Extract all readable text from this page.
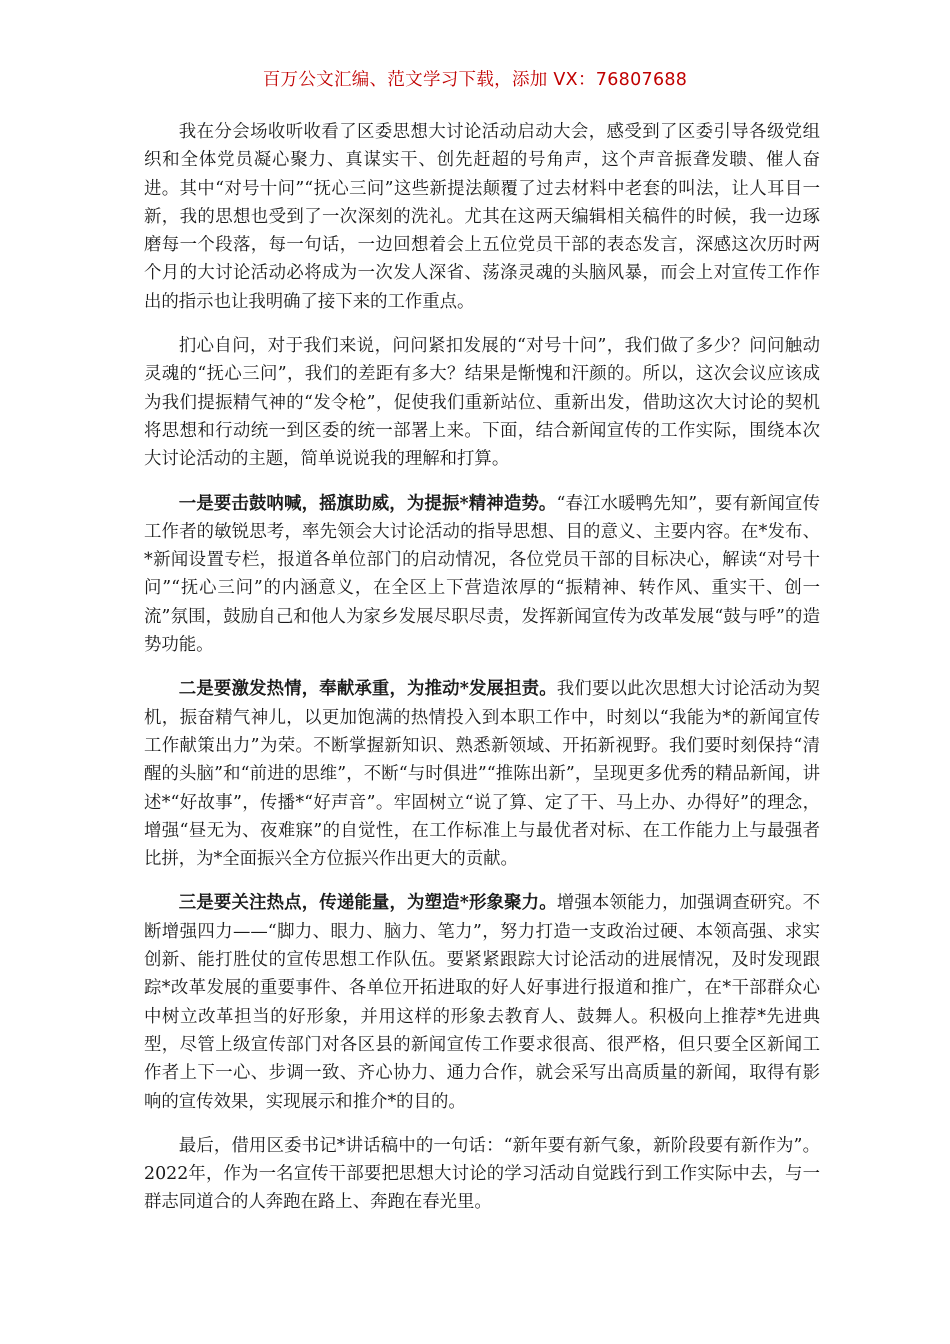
百万公文汇编、范文学习下载，添加 VX：76807688

我在分会场收听收看了区委思想大讨论活动启动大会，感受到了区委引导各级党组织和全体党员凝心聚力、真谋实干、创先赶超的号角声，这个声音振聋发聩、催人奋进。其中“对号十问”“抚心三问”这些新提法颠覆了过去材料中老套的叫法，让人耳目一新，我的思想也受到了一次深刻的洗礼。尤其在这两天编辑相关稿件的时候，我一边琢磨每一个段落，每一句话，一边回想着会上五位党员干部的表态发言，深感这次历时两个月的大讨论活动必将成为一次发人深省、荡涤灵魂的头脑风暴，而会上对宣传工作作出的指示也让我明确了接下来的工作重点。

扪心自问，对于我们来说，问问紧扣发展的“对号十问”，我们做了多少？问问触动灵魂的“抚心三问”，我们的差距有多大？结果是惭愧和汗颜的。所以，这次会议应该成为我们提振精气神的“发令枪”，促使我们重新站位、重新出发，借助这次大讨论的契机将思想和行动统一到区委的统一部署上来。下面，结合新闻宣传的工作实际，围绕本次大讨论活动的主题，简单说说我的理解和打算。

一是要击鼓呐喊，摇旗助威，为提振*精神造势。“春江水暖鸭先知”，要有新闻宣传工作者的敏锐思考，率先领会大讨论活动的指导思想、目的意义、主要内容。在*发布、*新闻设置专栏，报道各单位部门的启动情况，各位党员干部的目标决心，解读“对号十问”“抚心三问”的内涵意义，在全区上下营造浓厚的“振精神、转作风、重实干、创一流”氛围，鼓励自己和他人为家乡发展尽职尽责，发挥新闻宣传为改革发展“鼓与呼”的造势功能。

二是要激发热情，奉献承重，为推动*发展担责。我们要以此次思想大讨论活动为契机，振奋精气神儿，以更加饱满的热情投入到本职工作中，时刻以“我能为*的新闻宣传工作献策出力”为荣。不断掌握新知识、熟悉新领域、开拓新视野。我们要时刻保持“清醒的头脑”和“前进的思维”，不断“与时俱进”“推陈出新”，呈现更多优秀的精品新闻，讲述*“好故事”，传播*“好声音”。牢固树立“说了算、定了干、马上办、办得好”的理念，增强“昼无为、夜难寐”的自觉性，在工作标准上与最优者对标、在工作能力上与最强者比拼，为*全面振兴全方位振兴作出更大的贡献。

三是要关注热点，传递能量，为塑造*形象聚力。增强本领能力，加强调查研究。不断增强四力——“脚力、眼力、脑力、笔力”，努力打造一支政治过硬、本领高强、求实创新、能打胜仗的宣传思想工作队伍。要紧紧跟踪大讨论活动的进展情况，及时发现跟踪*改革发展的重要事件、各单位开拓进取的好人好事进行报道和推广，在*干部群众心中树立改革担当的好形象，并用这样的形象去教育人、鼓舞人。积极向上推荐*先进典型，尽管上级宣传部门对各区县的新闻宣传工作要求很高、很严格，但只要全区新闻工作者上下一心、步调一致、齐心协力、通力合作，就会采写出高质量的新闻，取得有影响的宣传效果，实现展示和推介*的目的。

最后，借用区委书记*讲话稿中的一句话：“新年要有新气象，新阶段要有新作为”。2022年，作为一名宣传干部要把思想大讨论的学习活动自觉践行到工作实际中去，与一群志同道合的人奔跑在路上、奔跑在春光里。
